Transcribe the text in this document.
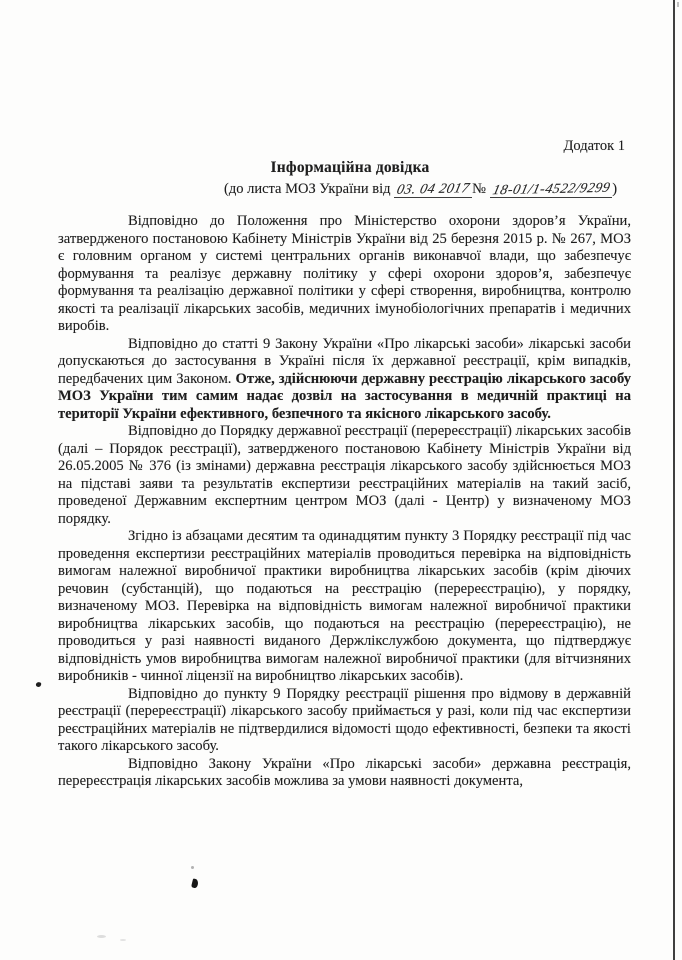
Додаток 1
Інформаційна довідка
(до листа МОЗ України від 03. 04 2017№ 18-01/1-4522/9299)

Відповідно до Положення про Міністерство охорони здоров’я України, затвердженого постановою Кабінету Міністрів України від 25 березня 2015 р. № 267, МОЗ є головним органом у системі центральних органів виконавчої влади, що забезпечує формування та реалізує державну політику у сфері охорони здоров’я, забезпечує формування та реалізацію державної політики у сфері створення, виробництва, контролю якості та реалізації лікарських засобів, медичних імунобіологічних препаратів і медичних виробів.

Відповідно до статті 9 Закону України «Про лікарські засоби» лікарські засоби допускаються до застосування в Україні після їх державної реєстрації, крім випадків, передбачених цим Законом. Отже, здійснюючи державну реєстрацію лікарського засобу МОЗ України тим самим надає дозвіл на застосування в медичній практиці на території України ефективного, безпечного та якісного лікарського засобу.

Відповідно до Порядку державної реєстрації (перереєстрації) лікарських засобів (далі – Порядок реєстрації), затвердженого постановою Кабінету Міністрів України від 26.05.2005 № 376 (із змінами) державна реєстрація лікарського засобу здійснюється МОЗ на підставі заяви та результатів експертизи реєстраційних матеріалів на такий засіб, проведеної Державним експертним центром МОЗ (далі - Центр) у визначеному МОЗ порядку.

Згідно із абзацами десятим та одинадцятим пункту 3 Порядку реєстрації під час проведення експертизи реєстраційних матеріалів проводиться перевірка на відповідність вимогам належної виробничої практики виробництва лікарських засобів (крім діючих речовин (субстанцій), що подаються на реєстрацію (перереєстрацію), у порядку, визначеному МОЗ. Перевірка на відповідність вимогам належної виробничої практики виробництва лікарських засобів, що подаються на реєстрацію (перереєстрацію), не проводиться у разі наявності виданого Держлікслужбою документа, що підтверджує відповідність умов виробництва вимогам належної виробничої практики (для вітчизняних виробників - чинної ліцензії на виробництво лікарських засобів).

Відповідно до пункту 9 Порядку реєстрації рішення про відмову в державній реєстрації (перереєстрації) лікарського засобу приймається у разі, коли під час експертизи реєстраційних матеріалів не підтвердилися відомості щодо ефективності, безпеки та якості такого лікарського засобу.

Відповідно Закону України «Про лікарські засоби» державна реєстрація, перереєстрація лікарських засобів можлива за умови наявності документа,
